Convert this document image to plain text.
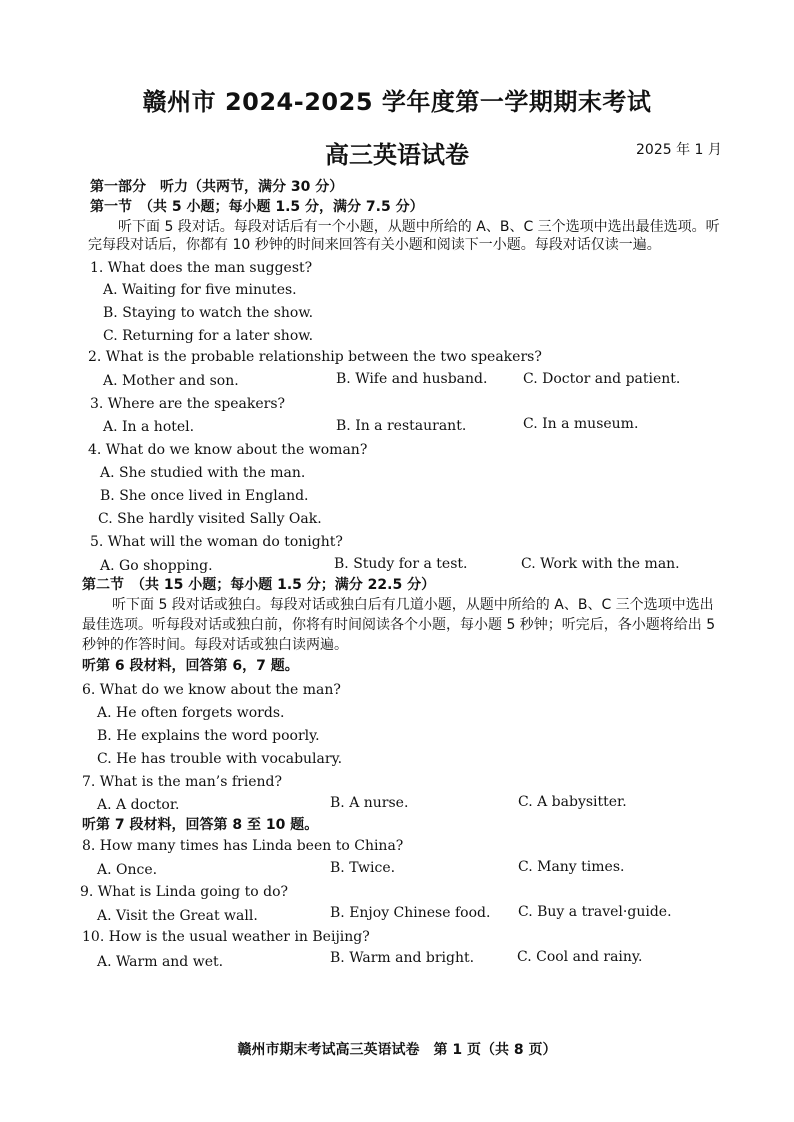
赣州市 2024-2025 学年度第一学期期末考试
高三英语试卷	2025 年 1 月
第一部分　听力（共两节，满分 30 分）
第一节　（共 5 小题；每小题 1.5 分，满分 7.5 分）
听下面 5 段对话。每段对话后有一个小题，从题中所给的 A、B、C 三个选项中选出最佳选项。听
完每段对话后，你都有 10 秒钟的时间来回答有关小题和阅读下一小题。每段对话仅读一遍。
1. What does the man suggest?
A. Waiting for five minutes.
B. Staying to watch the show.
C. Returning for a later show.
2. What is the probable relationship between the two speakers?
A. Mother and son.	B. Wife and husband.	C. Doctor and patient.
3. Where are the speakers?
A. In a hotel.	B. In a restaurant.	C. In a museum.
4. What do we know about the woman?
A. She studied with the man.
B. She once lived in England.
C. She hardly visited Sally Oak.
5. What will the woman do tonight?
A. Go shopping.	B. Study for a test.	C. Work with the man.
第二节　（共 15 小题；每小题 1.5 分；满分 22.5 分）
听下面 5 段对话或独白。每段对话或独白后有几道小题，从题中所给的 A、B、C 三个选项中选出
最佳选项。听每段对话或独白前，你将有时间阅读各个小题，每小题 5 秒钟；听完后，各小题将给出 5
秒钟的作答时间。每段对话或独白读两遍。
听第 6 段材料，回答第 6，7 题。
6. What do we know about the man?
A. He often forgets words.
B. He explains the word poorly.
C. He has trouble with vocabulary.
7. What is the man’s friend?
A. A doctor.	B. A nurse.	C. A babysitter.
听第 7 段材料，回答第 8 至 10 题。
8. How many times has Linda been to China?
A. Once.	B. Twice.	C. Many times.
9. What is Linda going to do?
A. Visit the Great wall.	B. Enjoy Chinese food. C. Buy a travel·guide.
10. How is the usual weather in Beijing?
A. Warm and wet.	B. Warm and bright.	C. Cool and rainy.
赣州市期末考试高三英语试卷　第 1 页（共 8 页）
